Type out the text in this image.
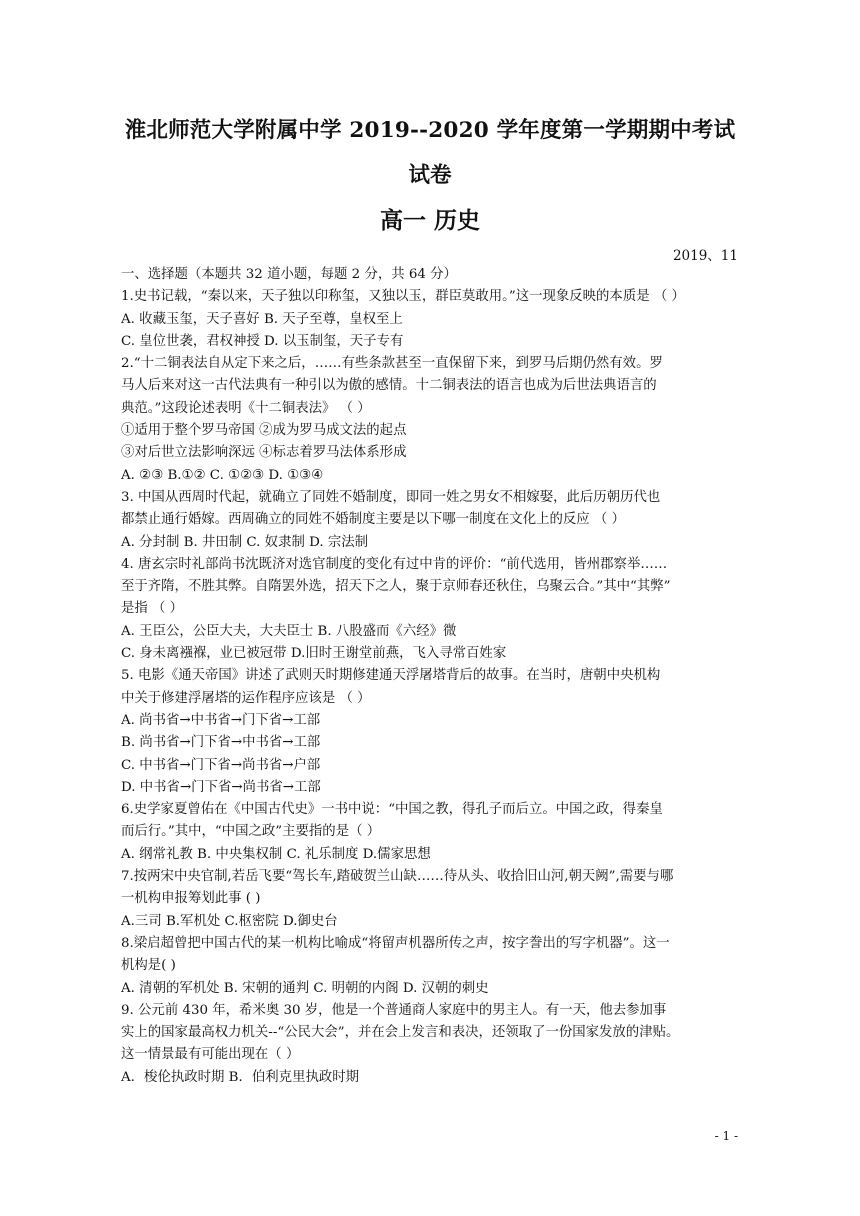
淮北师范大学附属中学 2019--2020 学年度第一学期期中考试
试卷
高一 历史
2019、11
一、选择题（本题共 32 道小题，每题 2 分，共 64 分）
1.史书记载，“秦以来，天子独以印称玺，又独以玉，群臣莫敢用。”这一现象反映的本质是 （ ）
A. 收藏玉玺，天子喜好 B. 天子至尊，皇权至上
C. 皇位世袭，君权神授 D. 以玉制玺，天子专有
2.“十二铜表法自从定下来之后，……有些条款甚至一直保留下来，到罗马后期仍然有效。罗
马人后来对这一古代法典有一种引以为傲的感情。十二铜表法的语言也成为后世法典语言的
典范。”这段论述表明《十二铜表法》 （ ）
①适用于整个罗马帝国 ②成为罗马成文法的起点
③对后世立法影响深远 ④标志着罗马法体系形成
A. ②③ B.①② C. ①②③ D. ①③④
3. 中国从西周时代起，就确立了同姓不婚制度，即同一姓之男女不相嫁娶，此后历朝历代也
都禁止通行婚嫁。西周确立的同姓不婚制度主要是以下哪一制度在文化上的反应 （ ）
A. 分封制 B. 井田制 C. 奴隶制 D. 宗法制
4. 唐玄宗时礼部尚书沈既济对选官制度的变化有过中肯的评价：“前代选用，皆州郡察举……
至于齐隋，不胜其弊。自隋罢外选，招天下之人，聚于京师春还秋住，乌聚云合。”其中“其弊”
是指 （ ）
A. 王臣公，公臣大夫，大夫臣士 B. 八股盛而《六经》微
C. 身未离襁褓，业已被冠带 D.旧时王谢堂前燕，飞入寻常百姓家
5. 电影《通天帝国》讲述了武则天时期修建通天浮屠塔背后的故事。在当时，唐朝中央机构
中关于修建浮屠塔的运作程序应该是 （ ）
A. 尚书省→中书省→门下省→工部
B. 尚书省→门下省→中书省→工部
C. 中书省→门下省→尚书省→户部
D. 中书省→门下省→尚书省→工部
6.史学家夏曾佑在《中国古代史》一书中说：“中国之教，得孔子而后立。中国之政，得秦皇
而后行。”其中，“中国之政”主要指的是（ ）
A. 纲常礼教 B. 中央集权制 C. 礼乐制度 D.儒家思想
7.按两宋中央官制,若岳飞要“驾长车,踏破贺兰山缺……待从头、收拾旧山河,朝天阙”,需要与哪
一机构申报筹划此事 ( )
A.三司 B.军机处 C.枢密院 D.御史台
8.梁启超曾把中国古代的某一机构比喻成“将留声机器所传之声，按字誊出的写字机器”。这一
机构是( )
A. 清朝的军机处 B. 宋朝的通判 C. 明朝的内阁 D. 汉朝的刺史
9. 公元前 430 年，希米奥 30 岁，他是一个普通商人家庭中的男主人。有一天，他去参加事
实上的国家最高权力机关--“公民大会”，并在会上发言和表决，还领取了一份国家发放的津贴。
这一情景最有可能出现在（ ）
A．梭伦执政时期 B．伯利克里执政时期
- 1 -
